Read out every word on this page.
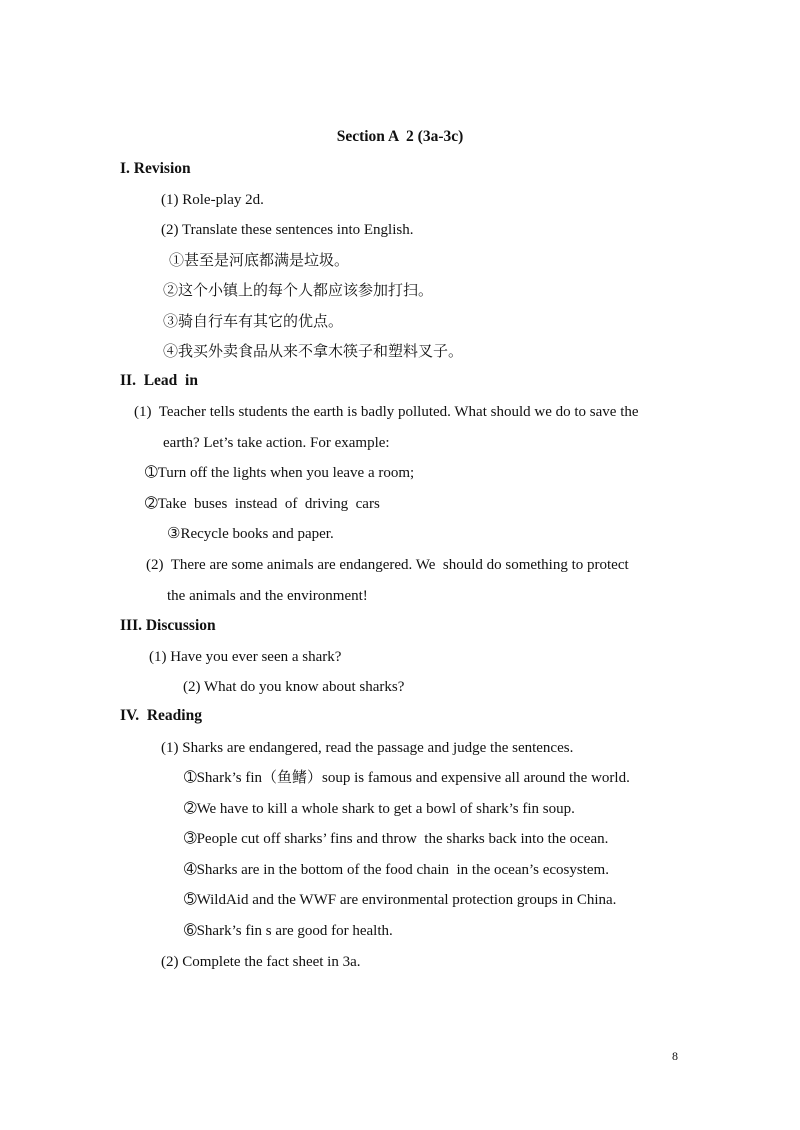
Section A  2 (3a-3c)
I. Revision
(1) Role-play 2d.
(2) Translate these sentences into English.
①甚至是河底都满是垃圾。
②这个小镇上的每个人都应该参加打扫。
③骑自行车有其它的优点。
④我买外卖食品从来不拿木筷子和塑料叉子。
II.  Lead  in
(1)  Teacher tells students the earth is badly polluted. What should we do to save the
earth? Let’s take action. For example:
➀Turn off the lights when you leave a room;
➁Take  buses  instead  of  driving  cars
③Recycle books and paper.
(2)  There are some animals are endangered. We  should do something to protect
the animals and the environment!
III. Discussion
(1) Have you ever seen a shark?
(2) What do you know about sharks?
IV.  Reading
(1) Sharks are endangered, read the passage and judge the sentences.
➀Shark’s fin（鱼鳍）soup is famous and expensive all around the world.
➁We have to kill a whole shark to get a bowl of shark’s fin soup.
➂People cut off sharks’ fins and throw  the sharks back into the ocean.
➃Sharks are in the bottom of the food chain  in the ocean’s ecosystem.
➄WildAid and the WWF are environmental protection groups in China.
➅Shark’s fin s are good for health.
(2) Complete the fact sheet in 3a.
8
